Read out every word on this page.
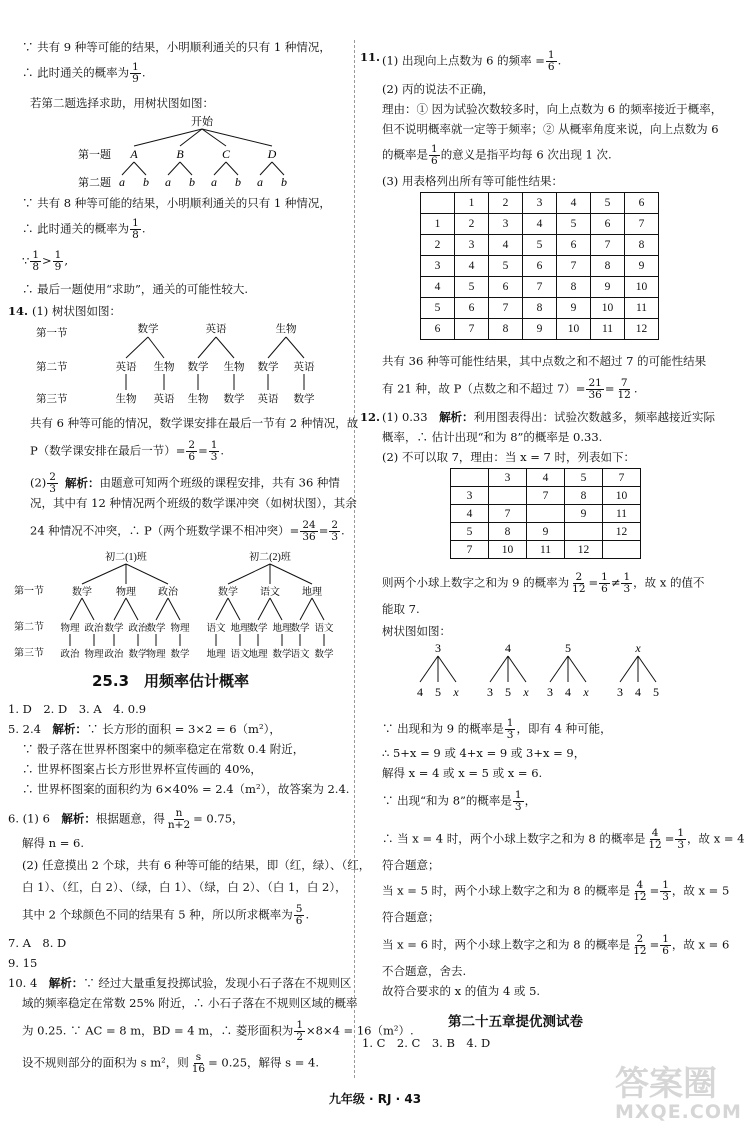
∵ 共有 9 种等可能的结果，小明顺利通关的只有 1 种情况，
∴ 此时通关的概率为 $\frac{1}{9}$ .
若第二题选择求助，用树状图如图：
开始
第一题
第二题
A	B	C	D
a b a b a b a b
∵ 共有 8 种等可能的结果，小明顺利通关的只有 1 种情况，
∴ 此时通关的概率为 $\frac{1}{8}$ .
∵ $\frac{1}{8} > \frac{1}{9}$ ,
∴ 最后一题使用“求助”，通关的可能性较大.
14. (1) 树状图如图：
第一节
第二节
第三节
数学	英语	生物
英语 生物 数学 生物 数学 英语
生物 英语 生物 数学 英语 数学
共有 6 种等可能的情况，数学课安排在最后一节有 2 种情况，故
P（数学课安排在最后一节）= $\frac{2}{6} = \frac{1}{3}$ .
$(2) \frac{2}{3}$ 解析：由题意可知两个班级的课程安排，共有 36 种情
况，其中有 12 种情况两个班级的数学课冲突（如树状图），其余
24 种情况不冲突，∴ P（两个班数学课不相冲突）= $\frac{24}{36} = \frac{2}{3}$ .
第一节
第二节
第三节
初二(1)班	初二(2)班
数学 物理 政治	数学 语文 地理
物理 政治 数学 政治
数学 物理 语文 地理
数学 地理
数学 语文
政治 物理 政治 数学
物理 数学 地理 语文
地理 数学
语文 数学
25.3　用频率估计概率
1. D　2. D　3. A　4. 0.9
5. 2.4　解析：∵ 长方形的面积 = 3×2 = 6（m²），
∵ 骰子落在世界杯图案中的频率稳定在常数 0.4 附近，
∴ 世界杯图案占长方形世界杯宣传画的 40%，
∴ 世界杯图案的面积约为 6×40% = 2.4（m²），故答案为 2.4.
6. (1) 6　解析：根据题意，得 $\frac{n}{n+2} = 0.75$，
解得 n = 6.
(2) 任意摸出 2 个球，共有 6 种等可能的结果，即（红，绿）、（红，
白 1）、（红，白 2）、（绿，白 1）、（绿，白 2）、（白 1，白 2），
其中 2 个球颜色不同的结果有 5 种，所以所求概率为 $\frac{5}{6}$ .
7. A　8. D
9. 15
10. 4　解析：∵ 经过大量重复投掷试验，发现小石子落在不规则区
域的频率稳定在常数 25% 附近，∴ 小石子落在不规则区域的概率
为 0.25. ∵ AC = 8 m，BD = 4 m，∴ 菱形面积为 $\frac{1}{2} \times 8\times 4 = 16(m^2)$.
设不规则部分的面积为 s m²，则 $\frac{s}{16} = 0.25$，解得 s = 4.
11. (1) 出现向上点数为 6 的频率 = $\frac{1}{6}$ .
(2) 丙的说法不正确，
理由：① 因为试验次数较多时，向上点数为 6 的频率接近于概率，
但不说明概率就一定等于频率；② 从概率角度来说，向上点数为 6
的概率是 $\frac{1}{6}$ 的意义是指平均每 6 次出现 1 次.
(3) 用表格列出所有等可能性结果：
	1	2	3	4	5	6
1	2	3	4	5	6	7
2	3	4	5	6	7	8
3	4	5	6	7	8	9
4	5	6	7	8	9	10
5	6	7	8	9	10	11
6	7	8	9	10	11	12
共有 36 种等可能性结果，其中点数之和不超过 7 的可能性结果
有 21 种，故 P（点数之和不超过 $7)= \frac{21}{36} = \frac{7}{12}$ .
12. (1) 0.33　解析：利用图表得出：试验次数越多，频率越接近实际
概率，∴ 估计出现“和为 8”的概率是 0.33.
(2) 不可以取 7，理由：当 x = 7 时，列表如下：
	3	4	5	7
3		7	8	10
4	7		9	11
5	8	9		12
7	10	11	12	
则两个小球上数字之和为 9 的概率为 $\frac{2}{12} = \frac{1}{6} \ne \frac{1}{3}$ ，故 x 的值不
能取 7.
树状图如图：
3	4	5	x
4 5 x 3 5 x 3 4 x 3 4 5
∵ 出现和为 9 的概率是 $\frac{1}{3}$ ，即有 4 种可能，
∴ 5+x = 9 或 4+x = 9 或 3+x = 9，
解得 x = 4 或 x = 5 或 x = 6.
∵ 出现“和为 8”的概率是 $\frac{1}{3}$ ，
∴ 当 x = 4 时，两个小球上数字之和为 8 的概率是 $\frac{4}{12} = \frac{1}{3}$ ，故 x = 4
符合题意；
当 x = 5 时，两个小球上数字之和为 8 的概率是 $\frac{4}{12} = \frac{1}{3}$ ，故 x = 5
符合题意；
当 x = 6 时，两个小球上数字之和为 8 的概率是 $\frac{2}{12} = \frac{1}{6}$ ，故 x = 6
不合题意，舍去.
故符合要求的 x 的值为 4 或 5.
第二十五章提优测试卷
1. C　2. C　3. B　4. D
九年级 · RJ · 43	答案圈
MXQE.COM
